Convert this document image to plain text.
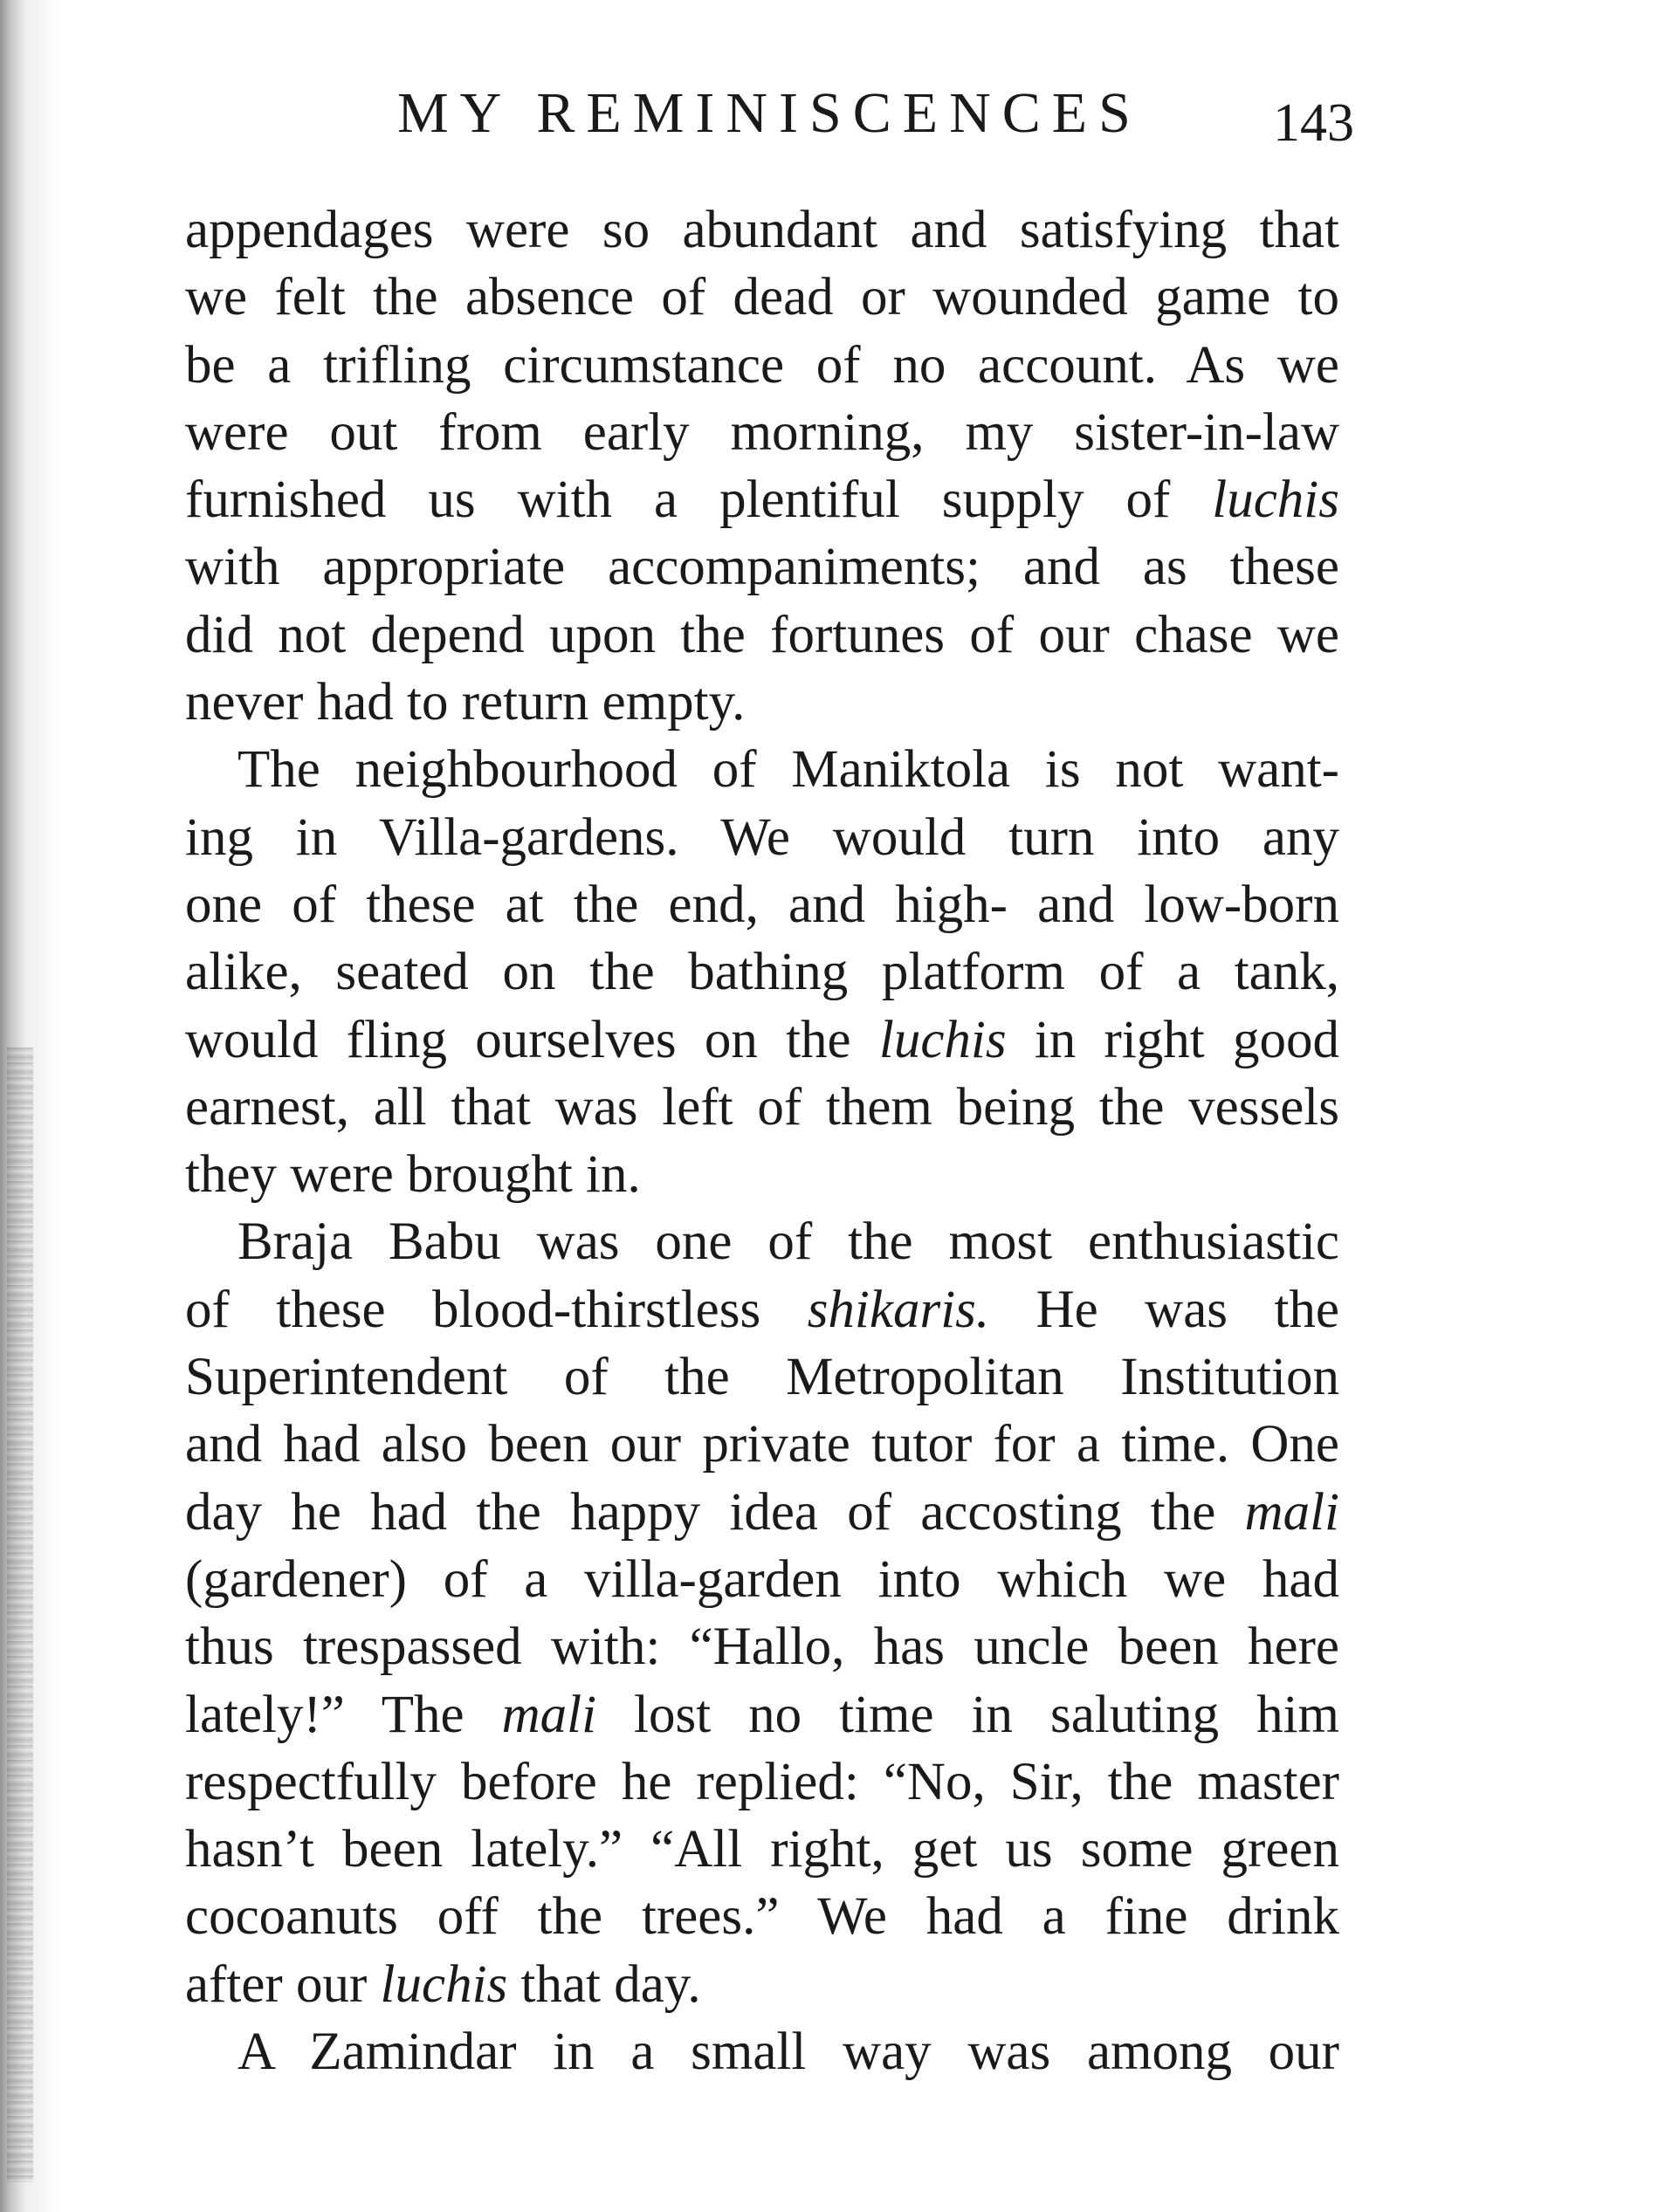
MY REMINISCENCES 143
appendages were so abundant and satisfying that
we felt the absence of dead or wounded game to
be a trifling circumstance of no account. As we
were out from early morning, my sister-in-law
furnished us with a plentiful supply of luchis
with appropriate accompaniments; and as these
did not depend upon the fortunes of our chase we
never had to return empty.
The neighbourhood of Maniktola is not want-
ing in Villa-gardens. We would turn into any
one of these at the end, and high- and low-born
alike, seated on the bathing platform of a tank,
would fling ourselves on the luchis in right good
earnest, all that was left of them being the vessels
they were brought in.
Braja Babu was one of the most enthusiastic
of these blood-thirstless shikaris. He was the
Superintendent of the Metropolitan Institution
and had also been our private tutor for a time. One
day he had the happy idea of accosting the mali
(gardener) of a villa-garden into which we had
thus trespassed with: “Hallo, has uncle been here
lately!” The mali lost no time in saluting him
respectfully before he replied: “No, Sir, the master
hasn’t been lately.” “All right, get us some green
cocoanuts off the trees.” We had a fine drink
after our luchis that day.
A Zamindar in a small way was among our
